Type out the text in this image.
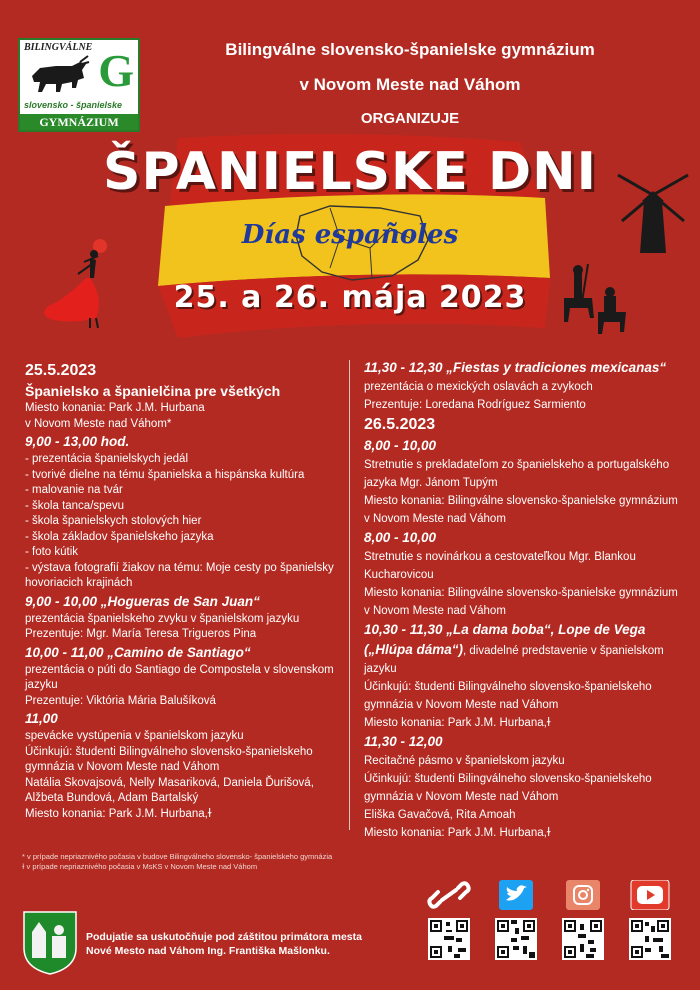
BILINGVÁLNE G
slovensko - španielske
GYMNÁZIUM
Bilingválne slovensko-španielske gymnázium
v Novom Meste nad Váhom
ORGANIZUJE
ŠPANIELSKE DNI
Días españoles
25. a 26. mája 2023
25.5.2023
Španielsko a španielčina pre všetkých
Miesto konania: Park J.M. Hurbana
v Novom Meste nad Váhom*
9,00 - 13,00 hod.
- prezentácia španielskych jedál
- tvorivé dielne na tému španielska a hispánska kultúra
- malovanie na tvár
- škola tanca/spevu
- škola španielskych stolových hier
- škola základov španielskeho jazyka
- foto kútik
- výstava fotografií žiakov na tému: Moje cesty po španielsky hovoriacich krajinách
9,00 - 10,00 „Hogueras de San Juan“
prezentácia španielskeho zvyku v španielskom jazyku
Prezentuje: Mgr. María Teresa Trigueros Pina
10,00 - 11,00 „Camino de Santiago“
prezentácia o púti do Santiago de Compostela v slovenskom jazyku
Prezentuje: Viktória Mária Balušíková
11,00
spevácke vystúpenia v španielskom jazyku
Účinkujú: študenti Bilingválneho slovensko-španielskeho gymnázia v Novom Meste nad Váhom
Natália Skovajsová, Nelly Masariková, Daniela Ďurišová, Alžbeta Bundová, Adam Bartalský
Miesto konania: Park J.M. Hurbana,ɫ
11,30 - 12,30 „Fiestas y tradiciones mexicanas“
prezentácia o mexických oslavách a zvykoch
Prezentuje: Loredana Rodríguez Sarmiento
26.5.2023
8,00 - 10,00
Stretnutie s prekladateľom zo španielskeho a portugalského jazyka Mgr. Jánom Tupým
Miesto konania: Bilingválne slovensko-španielske gymnázium v Novom Meste nad Váhom
8,00 - 10,00
Stretnutie s novinárkou a cestovateľkou Mgr. Blankou Kucharovicou
Miesto konania: Bilingválne slovensko-španielske gymnázium v Novom Meste nad Váhom
10,30 - 11,30 „La dama boba“, Lope de Vega („Hlúpa dáma“), divadelné predstavenie v španielskom jazyku
Účinkujú: študenti Bilingválneho slovensko-španielskeho gymnázia v Novom Meste nad Váhom
Miesto konania: Park J.M. Hurbana,ɫ
11,30 - 12,00
Recitačné pásmo v španielskom jazyku
Účinkujú: študenti Bilingválneho slovensko-španielskeho gymnázia v Novom Meste nad Váhom
Eliška Gavačová, Rita Amoah
Miesto konania: Park J.M. Hurbana,ɫ
* v prípade nepriaznivého počasia v budove Bilingválneho slovensko- španielskeho gymnázia
ɫ v prípade nepriaznivého počasia v MsKS v Novom Meste nad Váhom
Podujatie sa uskutočňuje pod záštitou primátora mesta
Nové Mesto nad Váhom Ing. Františka Mašlonku.
